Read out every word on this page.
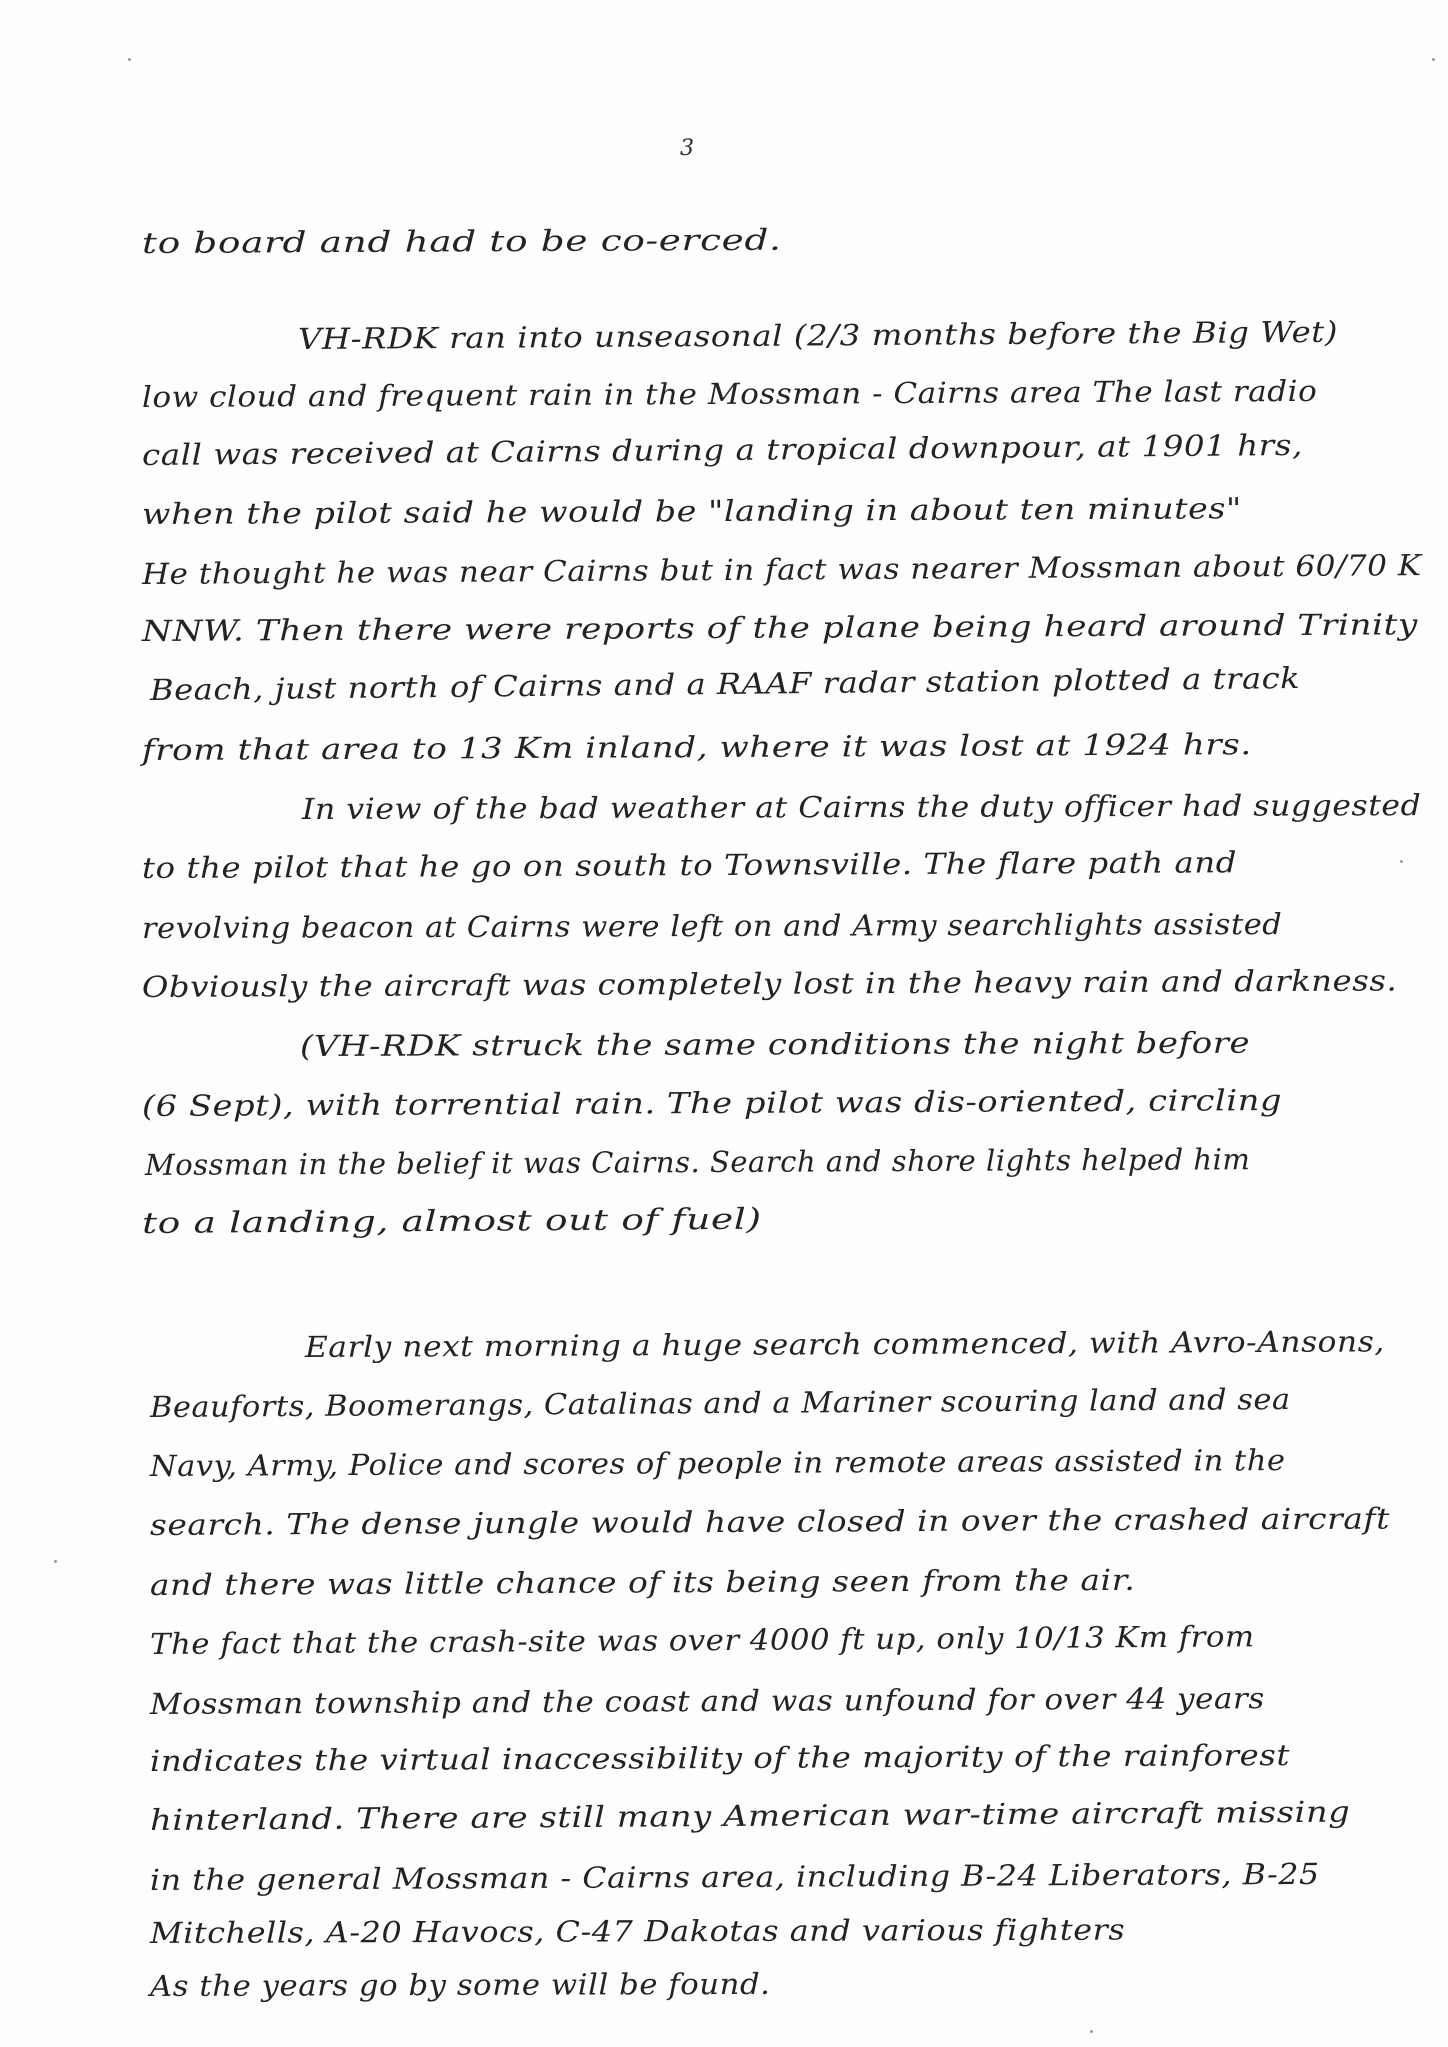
3
to board and had to be co-erced.
VH-RDK ran into unseasonal (2/3 months before the Big Wet)
low cloud and frequent rain in the Mossman - Cairns area The last radio
call was received at Cairns during a tropical downpour, at 1901 hrs,
when the pilot said he would be "landing in about ten minutes"
He thought he was near Cairns but in fact was nearer Mossman about 60/70 K
NNW. Then there were reports of the plane being heard around Trinity
Beach, just north of Cairns and a RAAF radar station plotted a track
from that area to 13 Km inland, where it was lost at 1924 hrs.
In view of the bad weather at Cairns the duty officer had suggested
to the pilot that he go on south to Townsville. The flare path and
revolving beacon at Cairns were left on and Army searchlights assisted
Obviously the aircraft was completely lost in the heavy rain and darkness.
(VH-RDK struck the same conditions the night before
(6 Sept), with torrential rain. The pilot was dis-oriented, circling
Mossman in the belief it was Cairns. Search and shore lights helped him
to a landing, almost out of fuel)
Early next morning a huge search commenced, with Avro-Ansons,
Beauforts, Boomerangs, Catalinas and a Mariner scouring land and sea
Navy, Army, Police and scores of people in remote areas assisted in the
search. The dense jungle would have closed in over the crashed aircraft
and there was little chance of its being seen from the air.
The fact that the crash-site was over 4000 ft up, only 10/13 Km from
Mossman township and the coast and was unfound for over 44 years
indicates the virtual inaccessibility of the majority of the rainforest
hinterland. There are still many American war-time aircraft missing
in the general Mossman - Cairns area, including B-24 Liberators, B-25
Mitchells, A-20 Havocs, C-47 Dakotas and various fighters
As the years go by some will be found.
